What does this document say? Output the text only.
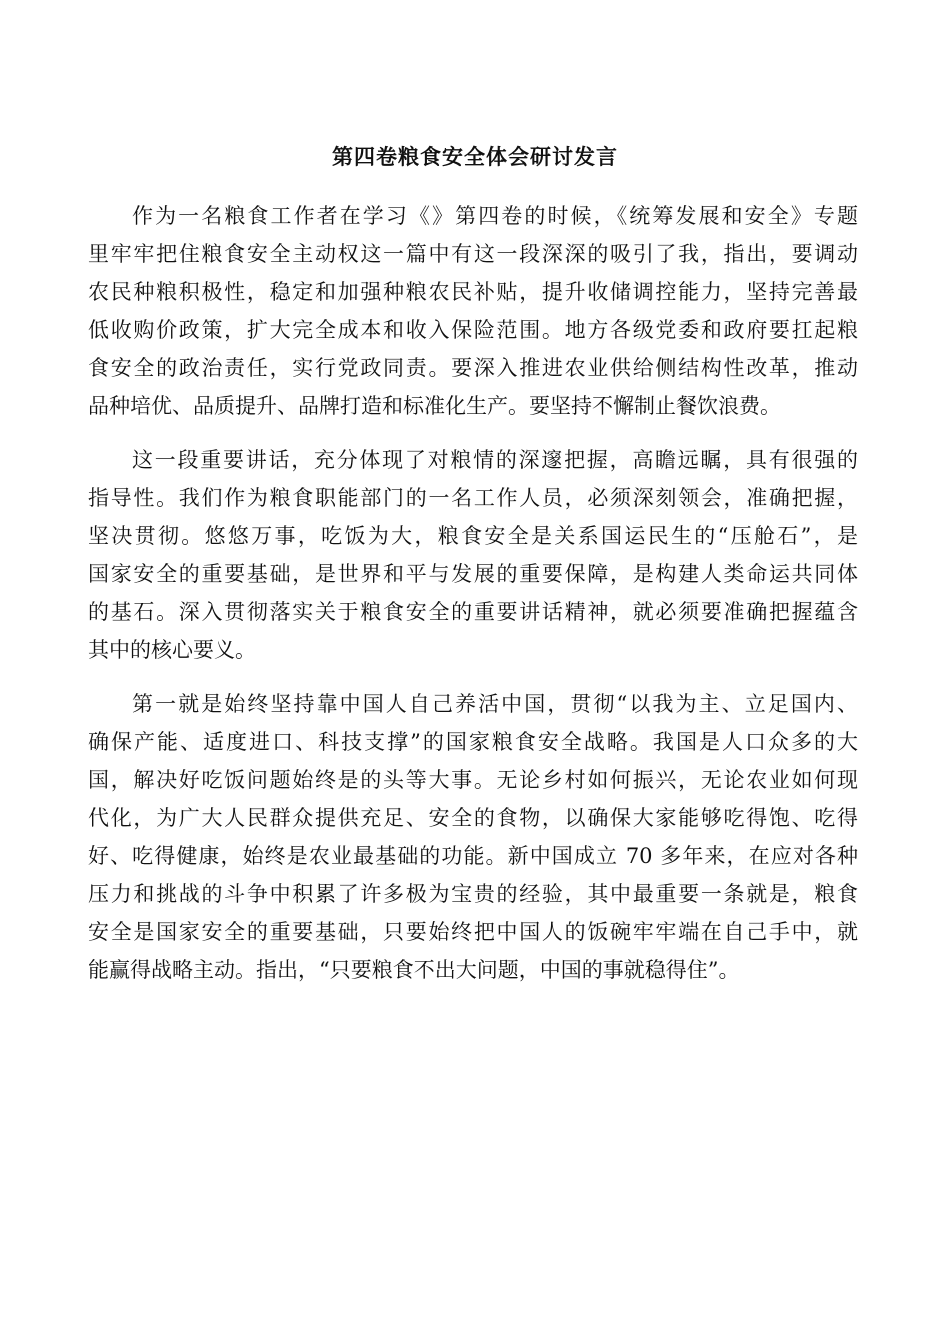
第四卷粮食安全体会研讨发言
作为一名粮食工作者在学习《》第四卷的时候，《统筹发展和安全》专题
里牢牢把住粮食安全主动权这一篇中有这一段深深的吸引了我，指出，要调动
农民种粮积极性，稳定和加强种粮农民补贴，提升收储调控能力，坚持完善最
低收购价政策，扩大完全成本和收入保险范围。地方各级党委和政府要扛起粮
食安全的政治责任，实行党政同责。要深入推进农业供给侧结构性改革，推动
品种培优、品质提升、品牌打造和标准化生产。要坚持不懈制止餐饮浪费。
这一段重要讲话，充分体现了对粮情的深邃把握，高瞻远瞩，具有很强的
指导性。我们作为粮食职能部门的一名工作人员，必须深刻领会，准确把握，
坚决贯彻。悠悠万事，吃饭为大，粮食安全是关系国运民生的“压舱石”，是
国家安全的重要基础，是世界和平与发展的重要保障，是构建人类命运共同体
的基石。深入贯彻落实关于粮食安全的重要讲话精神，就必须要准确把握蕴含
其中的核心要义。
第一就是始终坚持靠中国人自己养活中国，贯彻“以我为主、立足国内、
确保产能、适度进口、科技支撑”的国家粮食安全战略。我国是人口众多的大
国，解决好吃饭问题始终是的头等大事。无论乡村如何振兴，无论农业如何现
代化，为广大人民群众提供充足、安全的食物，以确保大家能够吃得饱、吃得
好、吃得健康，始终是农业最基础的功能。新中国成立 70 多年来，在应对各种
压力和挑战的斗争中积累了许多极为宝贵的经验，其中最重要一条就是，粮食
安全是国家安全的重要基础，只要始终把中国人的饭碗牢牢端在自己手中，就
能赢得战略主动。指出，“只要粮食不出大问题，中国的事就稳得住”。
